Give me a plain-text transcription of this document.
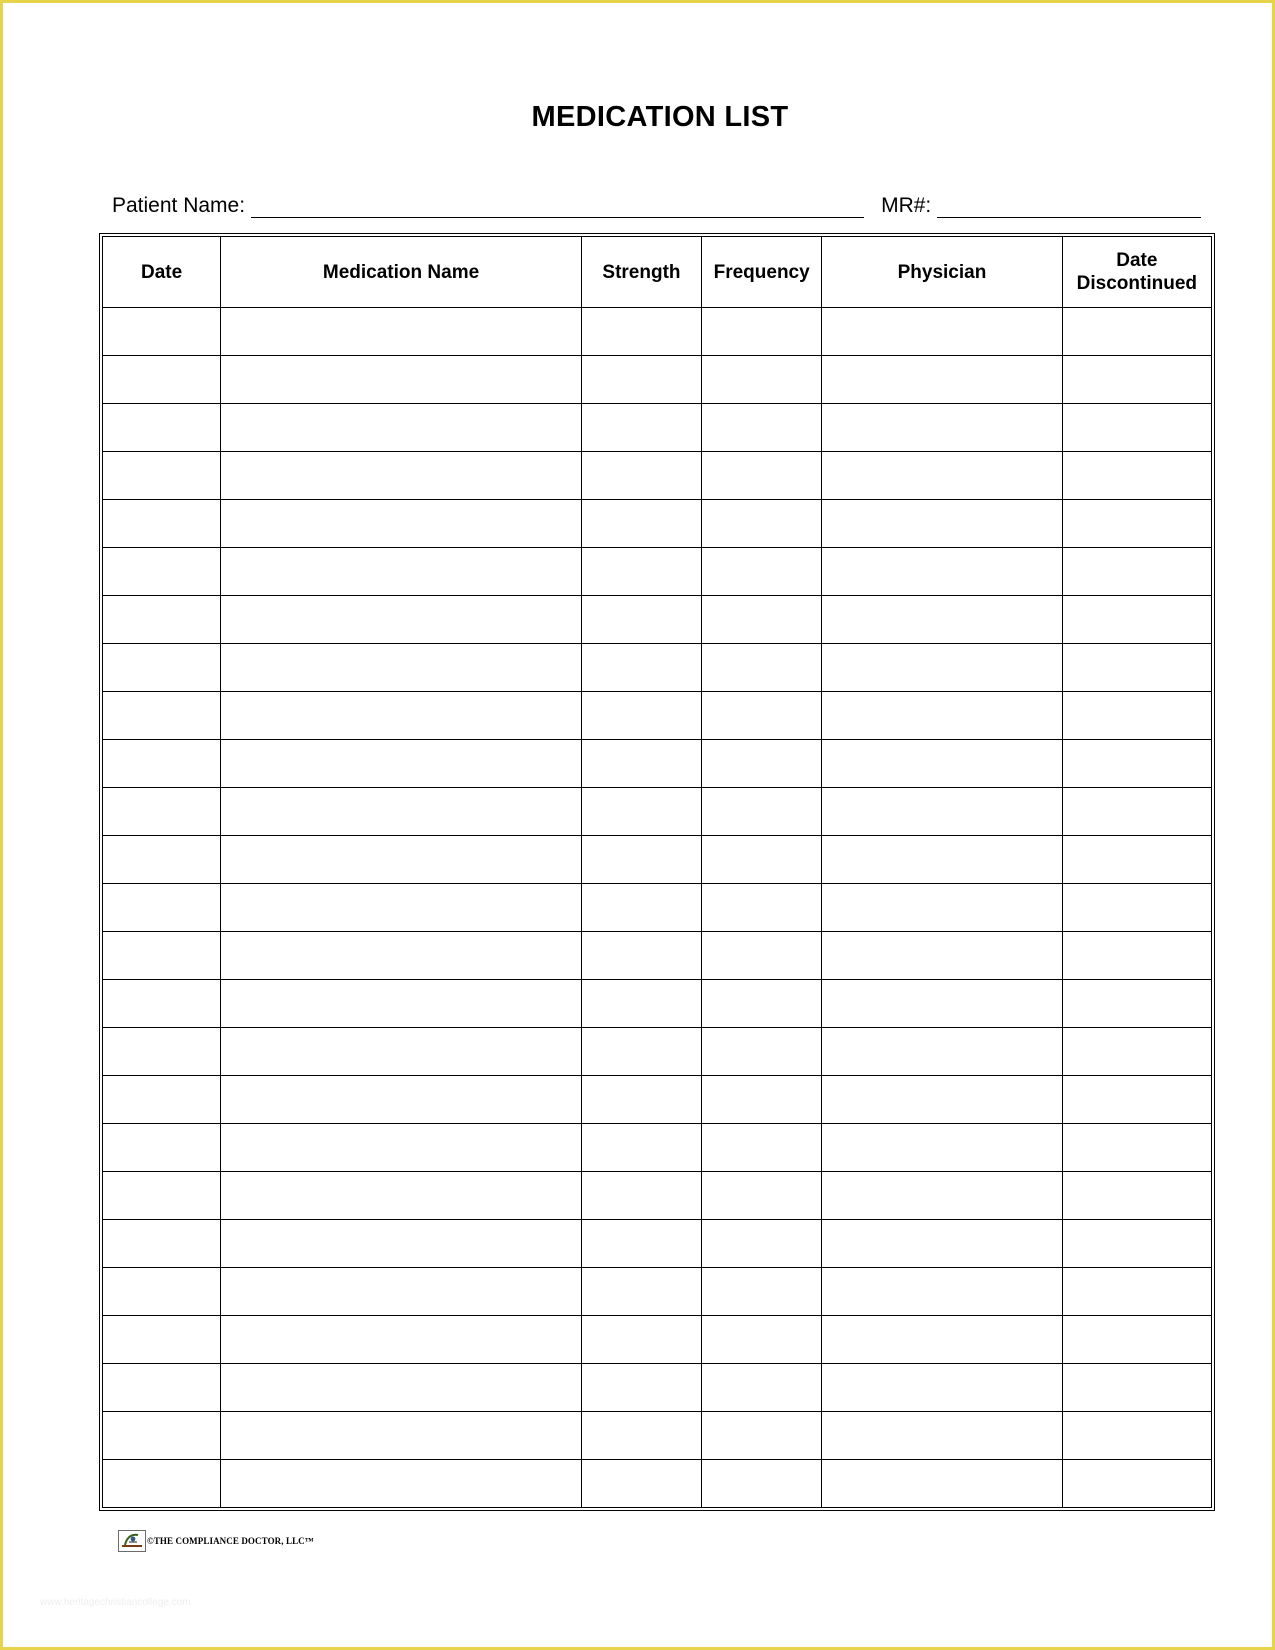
MEDICATION LIST
Patient Name:	MR#:
Date	Medication Name	Strength	Frequency	Physician	Date Discontinued

©THE COMPLIANCE DOCTOR, LLC™
www.heritagechristiancollege.com
